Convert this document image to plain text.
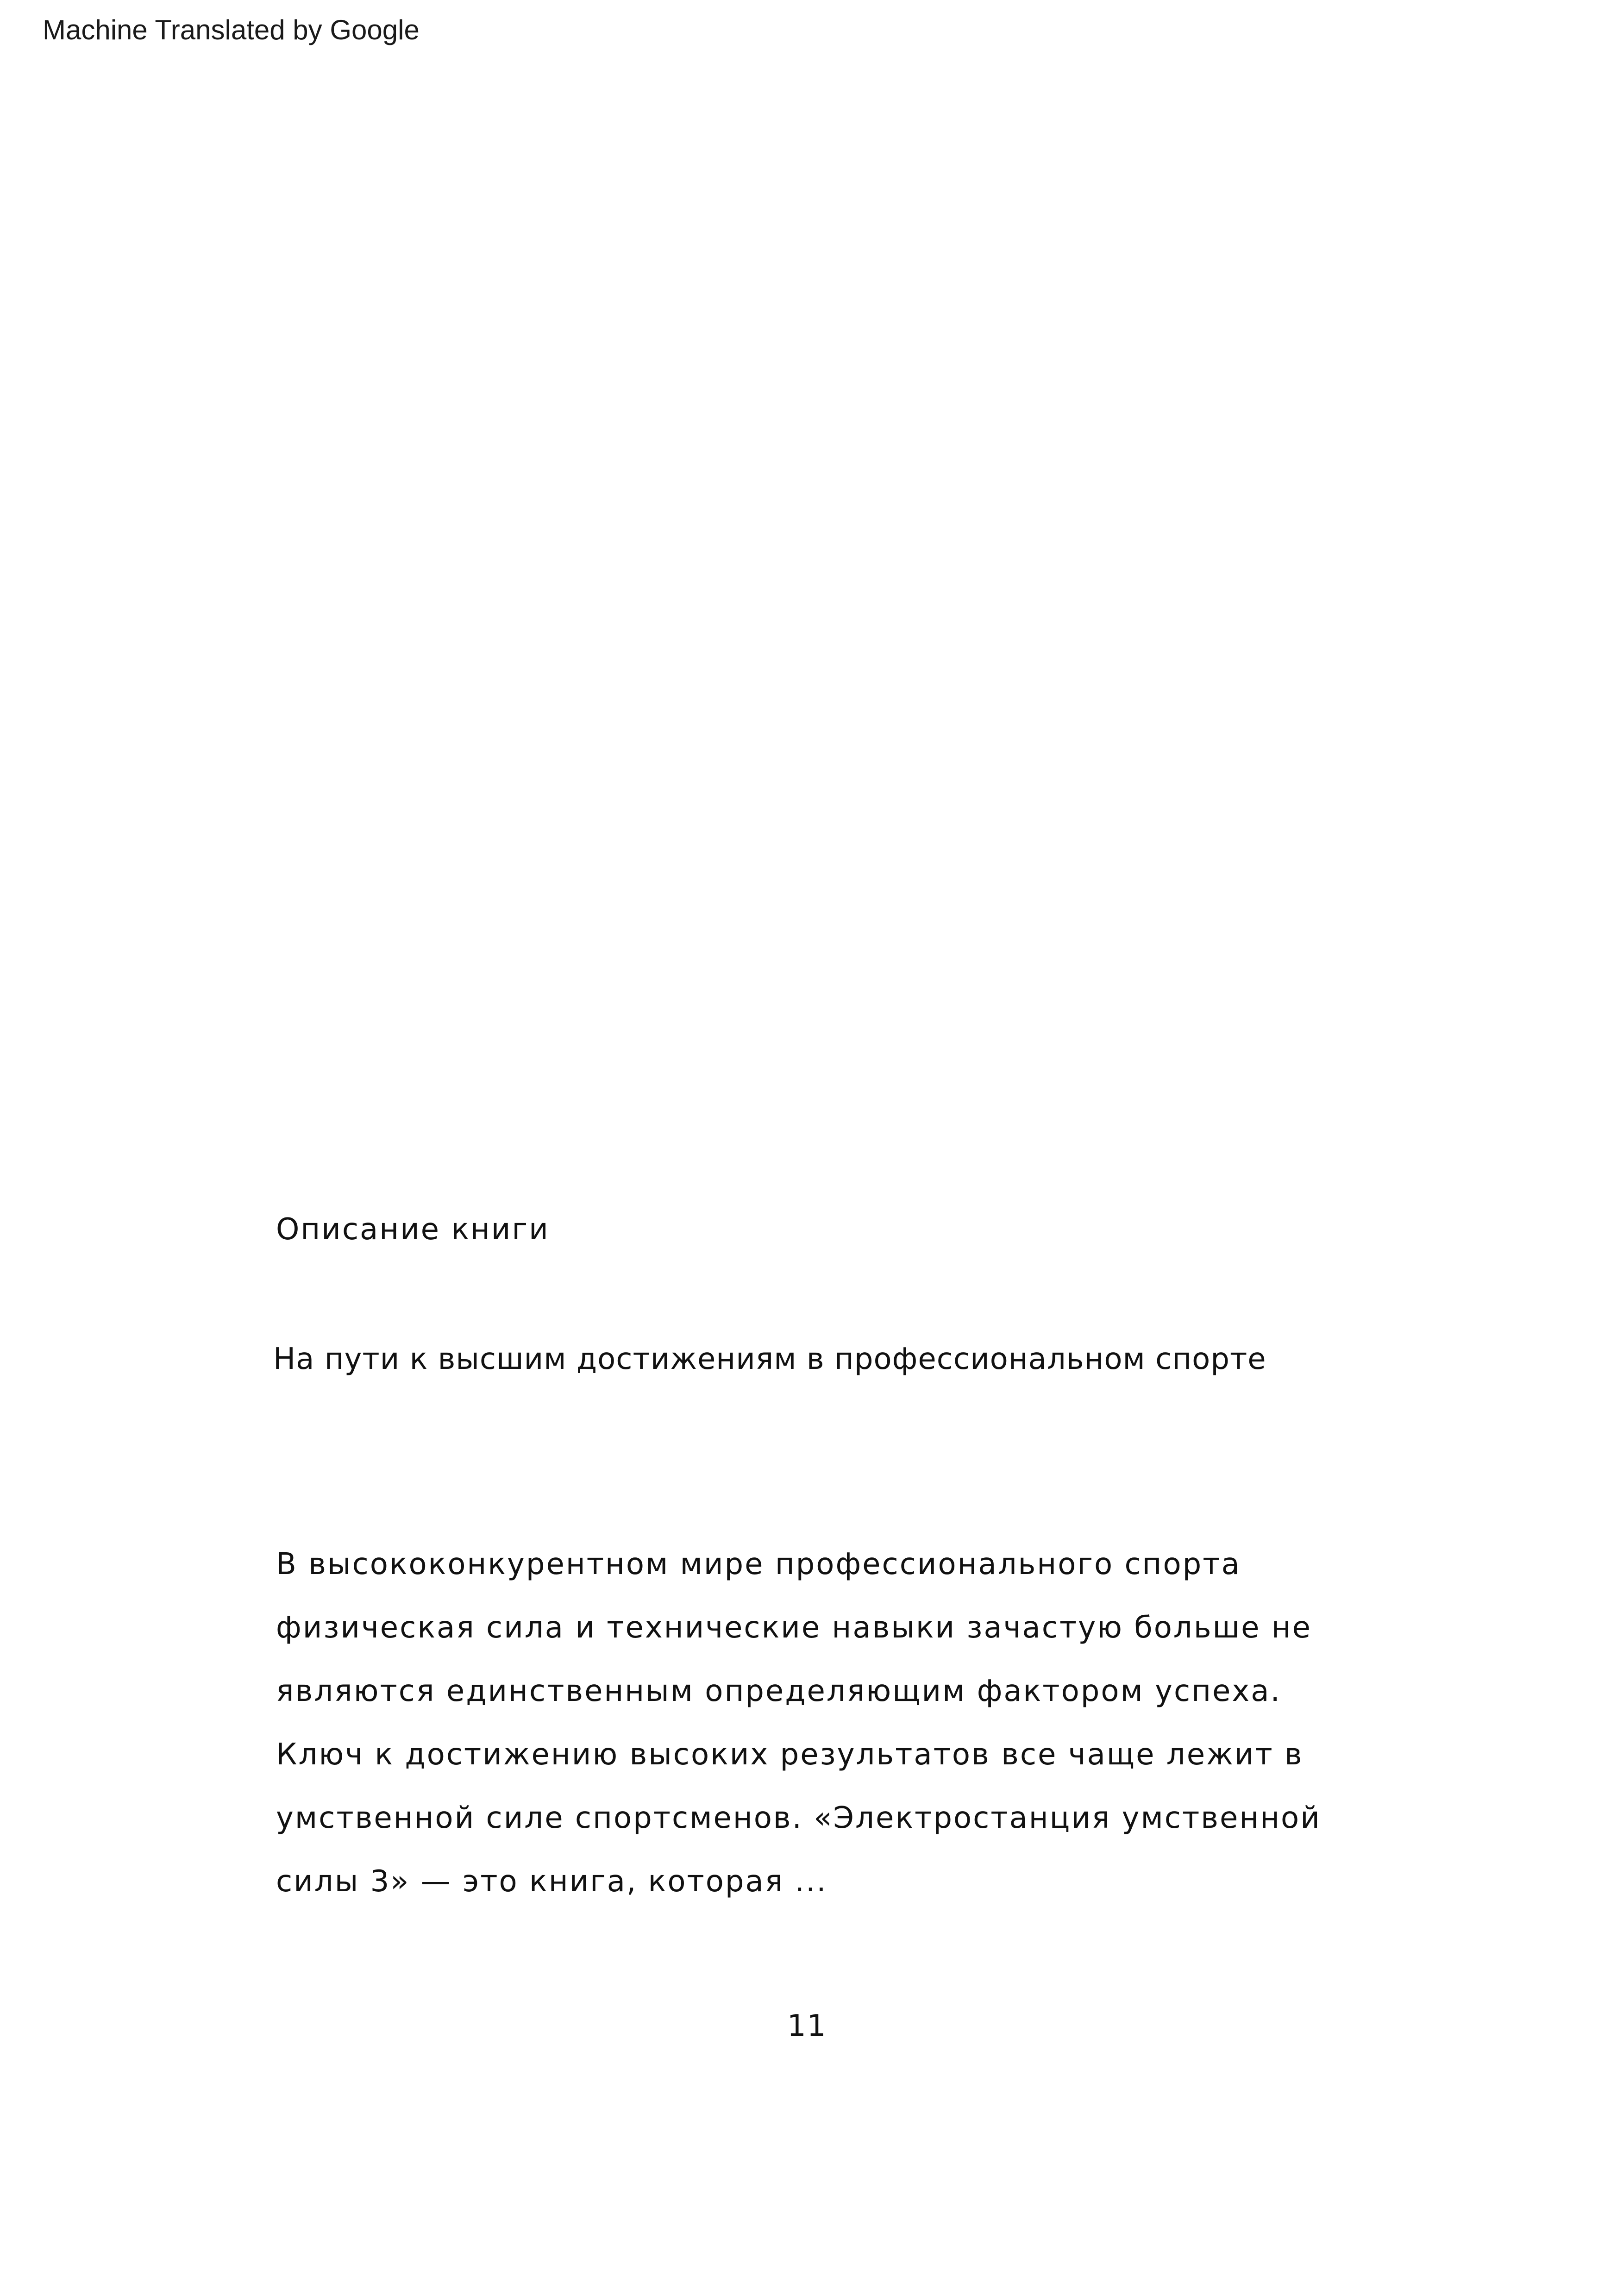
Machine Translated by Google
Описание книги
На пути к высшим достижениям в профессиональном спорте
В высококонкурентном мире профессионального спорта
физическая сила и технические навыки зачастую больше не
являются единственным определяющим фактором успеха.
Ключ к достижению высоких результатов все чаще лежит в
умственной силе спортсменов. «Электростанция умственной
силы 3» — это книга, которая ...
11
